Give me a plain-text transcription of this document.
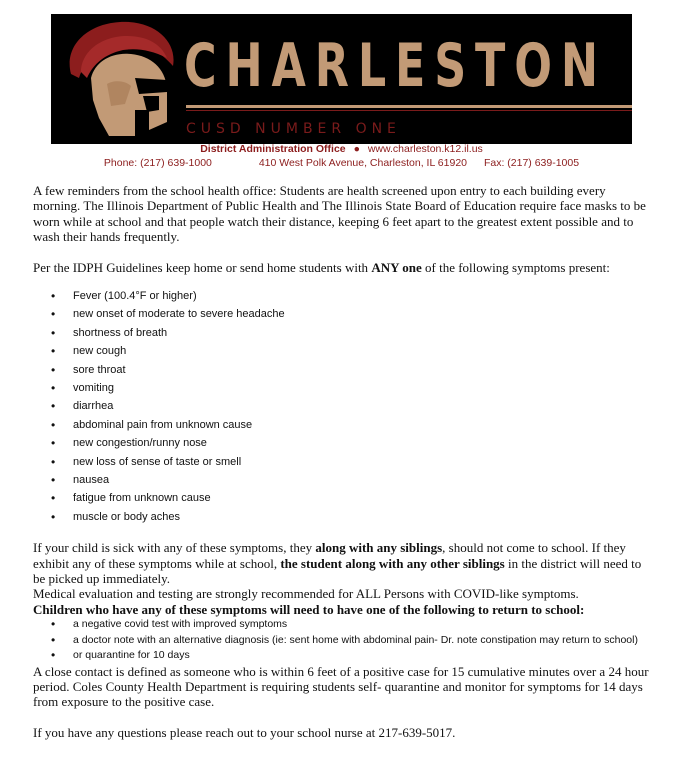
CHARLESTON
CUSD NUMBER ONE
District Administration Office ● www.charleston.k12.il.us
Phone: (217) 639-1000	410 West Polk Avenue, Charleston, IL 61920 Fax: (217) 639-1005

A few reminders from the school health office: Students are health screened upon entry to each building every morning. The Illinois Department of Public Health and The Illinois State Board of Education require face masks to be worn while at school and that people watch their distance, keeping 6 feet apart to the greatest extent possible and to wash their hands frequently.

Per the IDPH Guidelines keep home or send home students with ANY one of the following symptoms present:

• Fever (100.4°F or higher)
• new onset of moderate to severe headache
• shortness of breath
• new cough
• sore throat
• vomiting
• diarrhea
• abdominal pain from unknown cause
• new congestion/runny nose
• new loss of sense of taste or smell
• nausea
• fatigue from unknown cause
• muscle or body aches

If your child is sick with any of these symptoms, they along with any siblings, should not come to school. If they exhibit any of these symptoms while at school, the student along with any other siblings in the district will need to be picked up immediately.

Medical evaluation and testing are strongly recommended for ALL Persons with COVID-like symptoms.

Children who have any of these symptoms will need to have one of the following to return to school:

• a negative covid test with improved symptoms
• a doctor note with an alternative diagnosis (ie: sent home with abdominal pain- Dr. note constipation may return to school)
• or quarantine for 10 days

A close contact is defined as someone who is within 6 feet of a positive case for 15 cumulative minutes over a 24 hour period. Coles County Health Department is requiring students self- quarantine and monitor for symptoms for 14 days from exposure to the positive case.

If you have any questions please reach out to your school nurse at 217-639-5017.
